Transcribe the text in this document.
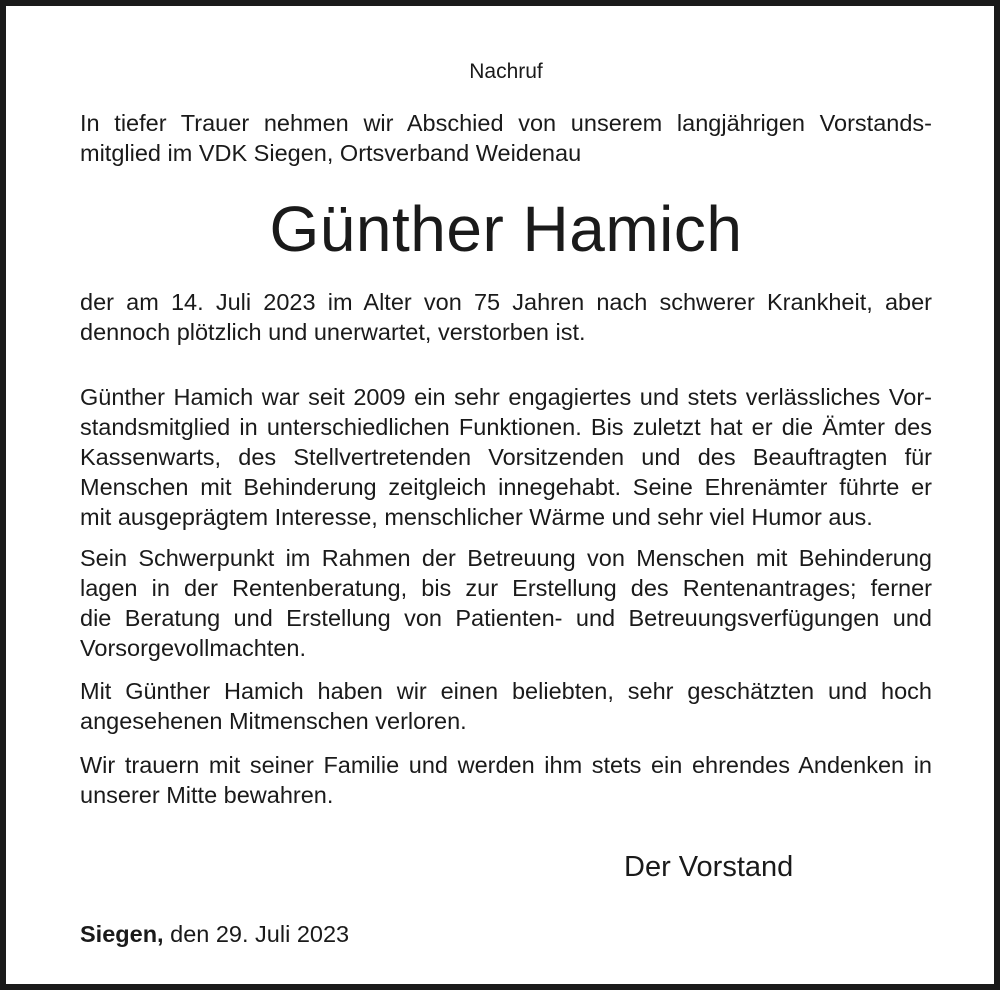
Nachruf
In tiefer Trauer nehmen wir Abschied von unserem langjährigen Vorstands-
mitglied im VDK Siegen, Ortsverband Weidenau
Günther Hamich
der am 14. Juli 2023 im Alter von 75 Jahren nach schwerer Krankheit, aber
dennoch plötzlich und unerwartet, verstorben ist.
Günther Hamich war seit 2009 ein sehr engagiertes und stets verlässliches Vor-
standsmitglied in unterschiedlichen Funktionen. Bis zuletzt hat er die Ämter des
Kassenwarts, des Stellvertretenden Vorsitzenden und des Beauftragten für
Menschen mit Behinderung zeitgleich innegehabt. Seine Ehrenämter führte er
mit ausgeprägtem Interesse, menschlicher Wärme und sehr viel Humor aus.
Sein Schwerpunkt im Rahmen der Betreuung von Menschen mit Behinderung
lagen in der Rentenberatung, bis zur Erstellung des Rentenantrages; ferner
die Beratung und Erstellung von Patienten- und Betreuungsverfügungen und
Vorsorgevollmachten.
Mit Günther Hamich haben wir einen beliebten, sehr geschätzten und hoch
angesehenen Mitmenschen verloren.
Wir trauern mit seiner Familie und werden ihm stets ein ehrendes Andenken in
unserer Mitte bewahren.
Der Vorstand
Siegen, den 29. Juli 2023
